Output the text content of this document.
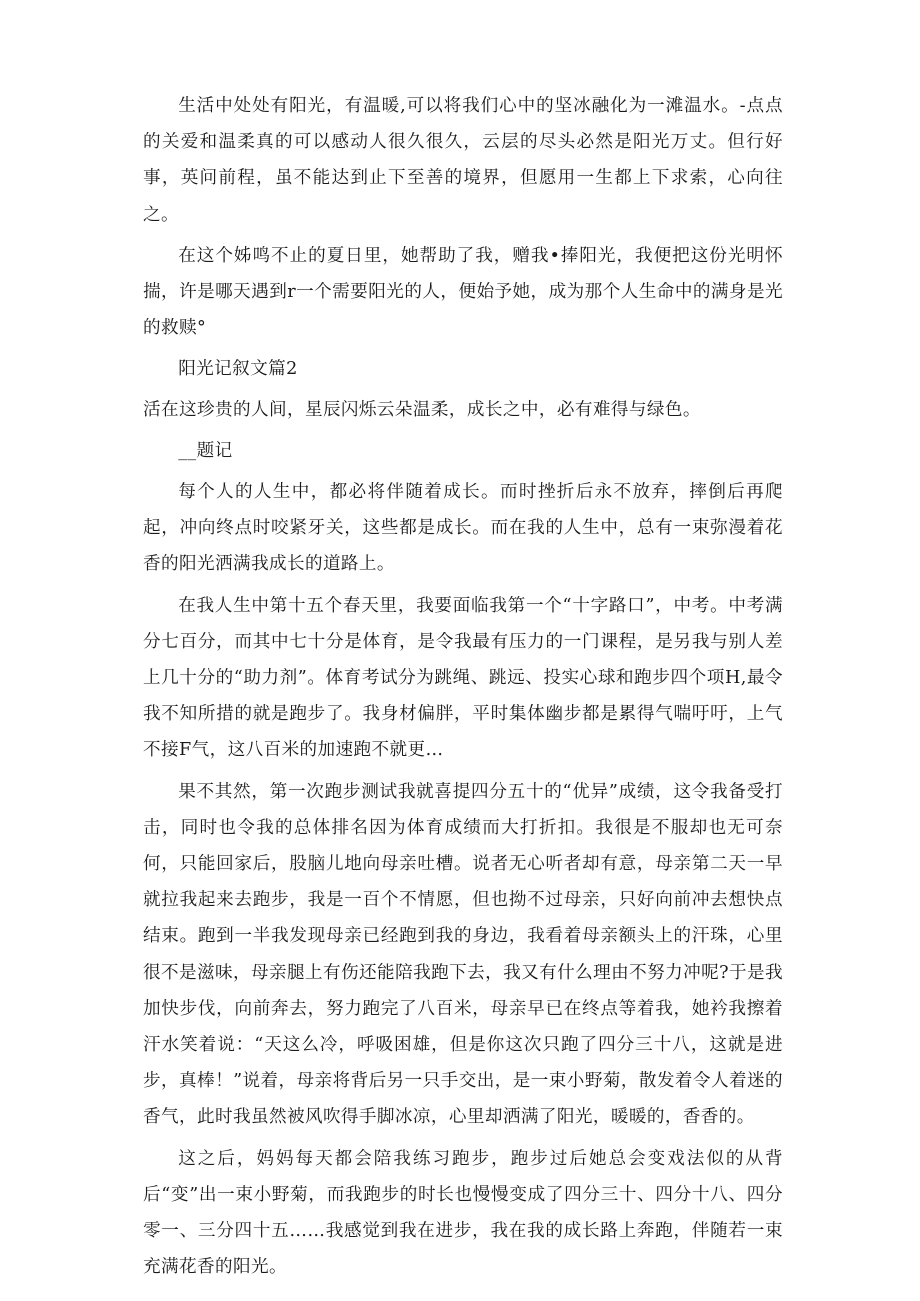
生活中处处有阳光，有温暖,可以将我们心中的坚冰融化为一滩温水。-点点的关爱和温柔真的可以感动人很久很久，云层的尽头必然是阳光万丈。但行好事，英问前程，虽不能达到止下至善的境界，但愿用一生都上下求索，心向往之。

在这个姊鸣不止的夏日里，她帮助了我，赠我•捧阳光，我便把这份光明怀揣，许是哪天遇到r一个需要阳光的人，便始予她，成为那个人生命中的满身是光的救赎°

阳光记叙文篇2

活在这珍贵的人间，星辰闪烁云朵温柔，成长之中，必有难得与绿色。

__题记

每个人的人生中，都必将伴随着成长。而时挫折后永不放弃，摔倒后再爬起，冲向终点时咬紧牙关，这些都是成长。而在我的人生中，总有一束弥漫着花香的阳光洒满我成长的道路上。

在我人生中第十五个春天里，我要面临我第一个“十字路口”，中考。中考满分七百分，而其中七十分是体育，是令我最有压力的一门课程，是另我与别人差上几十分的“助力剂”。体育考试分为跳绳、跳远、投实心球和跑步四个项H,最令我不知所措的就是跑步了。我身材偏胖，平时集体幽步都是累得气喘吁吁，上气不接F气，这八百米的加速跑不就更…

果不其然，第一次跑步测试我就喜提四分五十的“优异”成绩，这令我备受打击，同时也令我的总体排名因为体育成绩而大打折扣。我很是不服却也无可奈何，只能回家后，股脑儿地向母亲吐槽。说者无心听者却有意，母亲第二天一早就拉我起来去跑步，我是一百个不情愿，但也拗不过母亲，只好向前冲去想快点结束。跑到一半我发现母亲已经跑到我的身边，我看着母亲额头上的汗珠，心里很不是滋味，母亲腿上有伤还能陪我跑下去，我又有什么理由不努力冲呢?于是我加快步伐，向前奔去，努力跑完了八百米，母亲早已在终点等着我，她衿我擦着汗水笑着说：“天这么冷，呼吸困雄，但是你这次只跑了四分三十八，这就是进步，真棒！”说着，母亲将背后另一只手交出，是一束小野菊，散发着令人着迷的香气，此时我虽然被风吹得手脚冰凉，心里却洒满了阳光，暖暖的，香香的。

这之后，妈妈每天都会陪我练习跑步，跑步过后她总会变戏法似的从背后“变”出一束小野菊，而我跑步的时长也慢慢变成了四分三十、四分十八、四分零一、三分四十五……我感觉到我在进步，我在我的成长路上奔跑，伴随若一束充满花香的阳光。
